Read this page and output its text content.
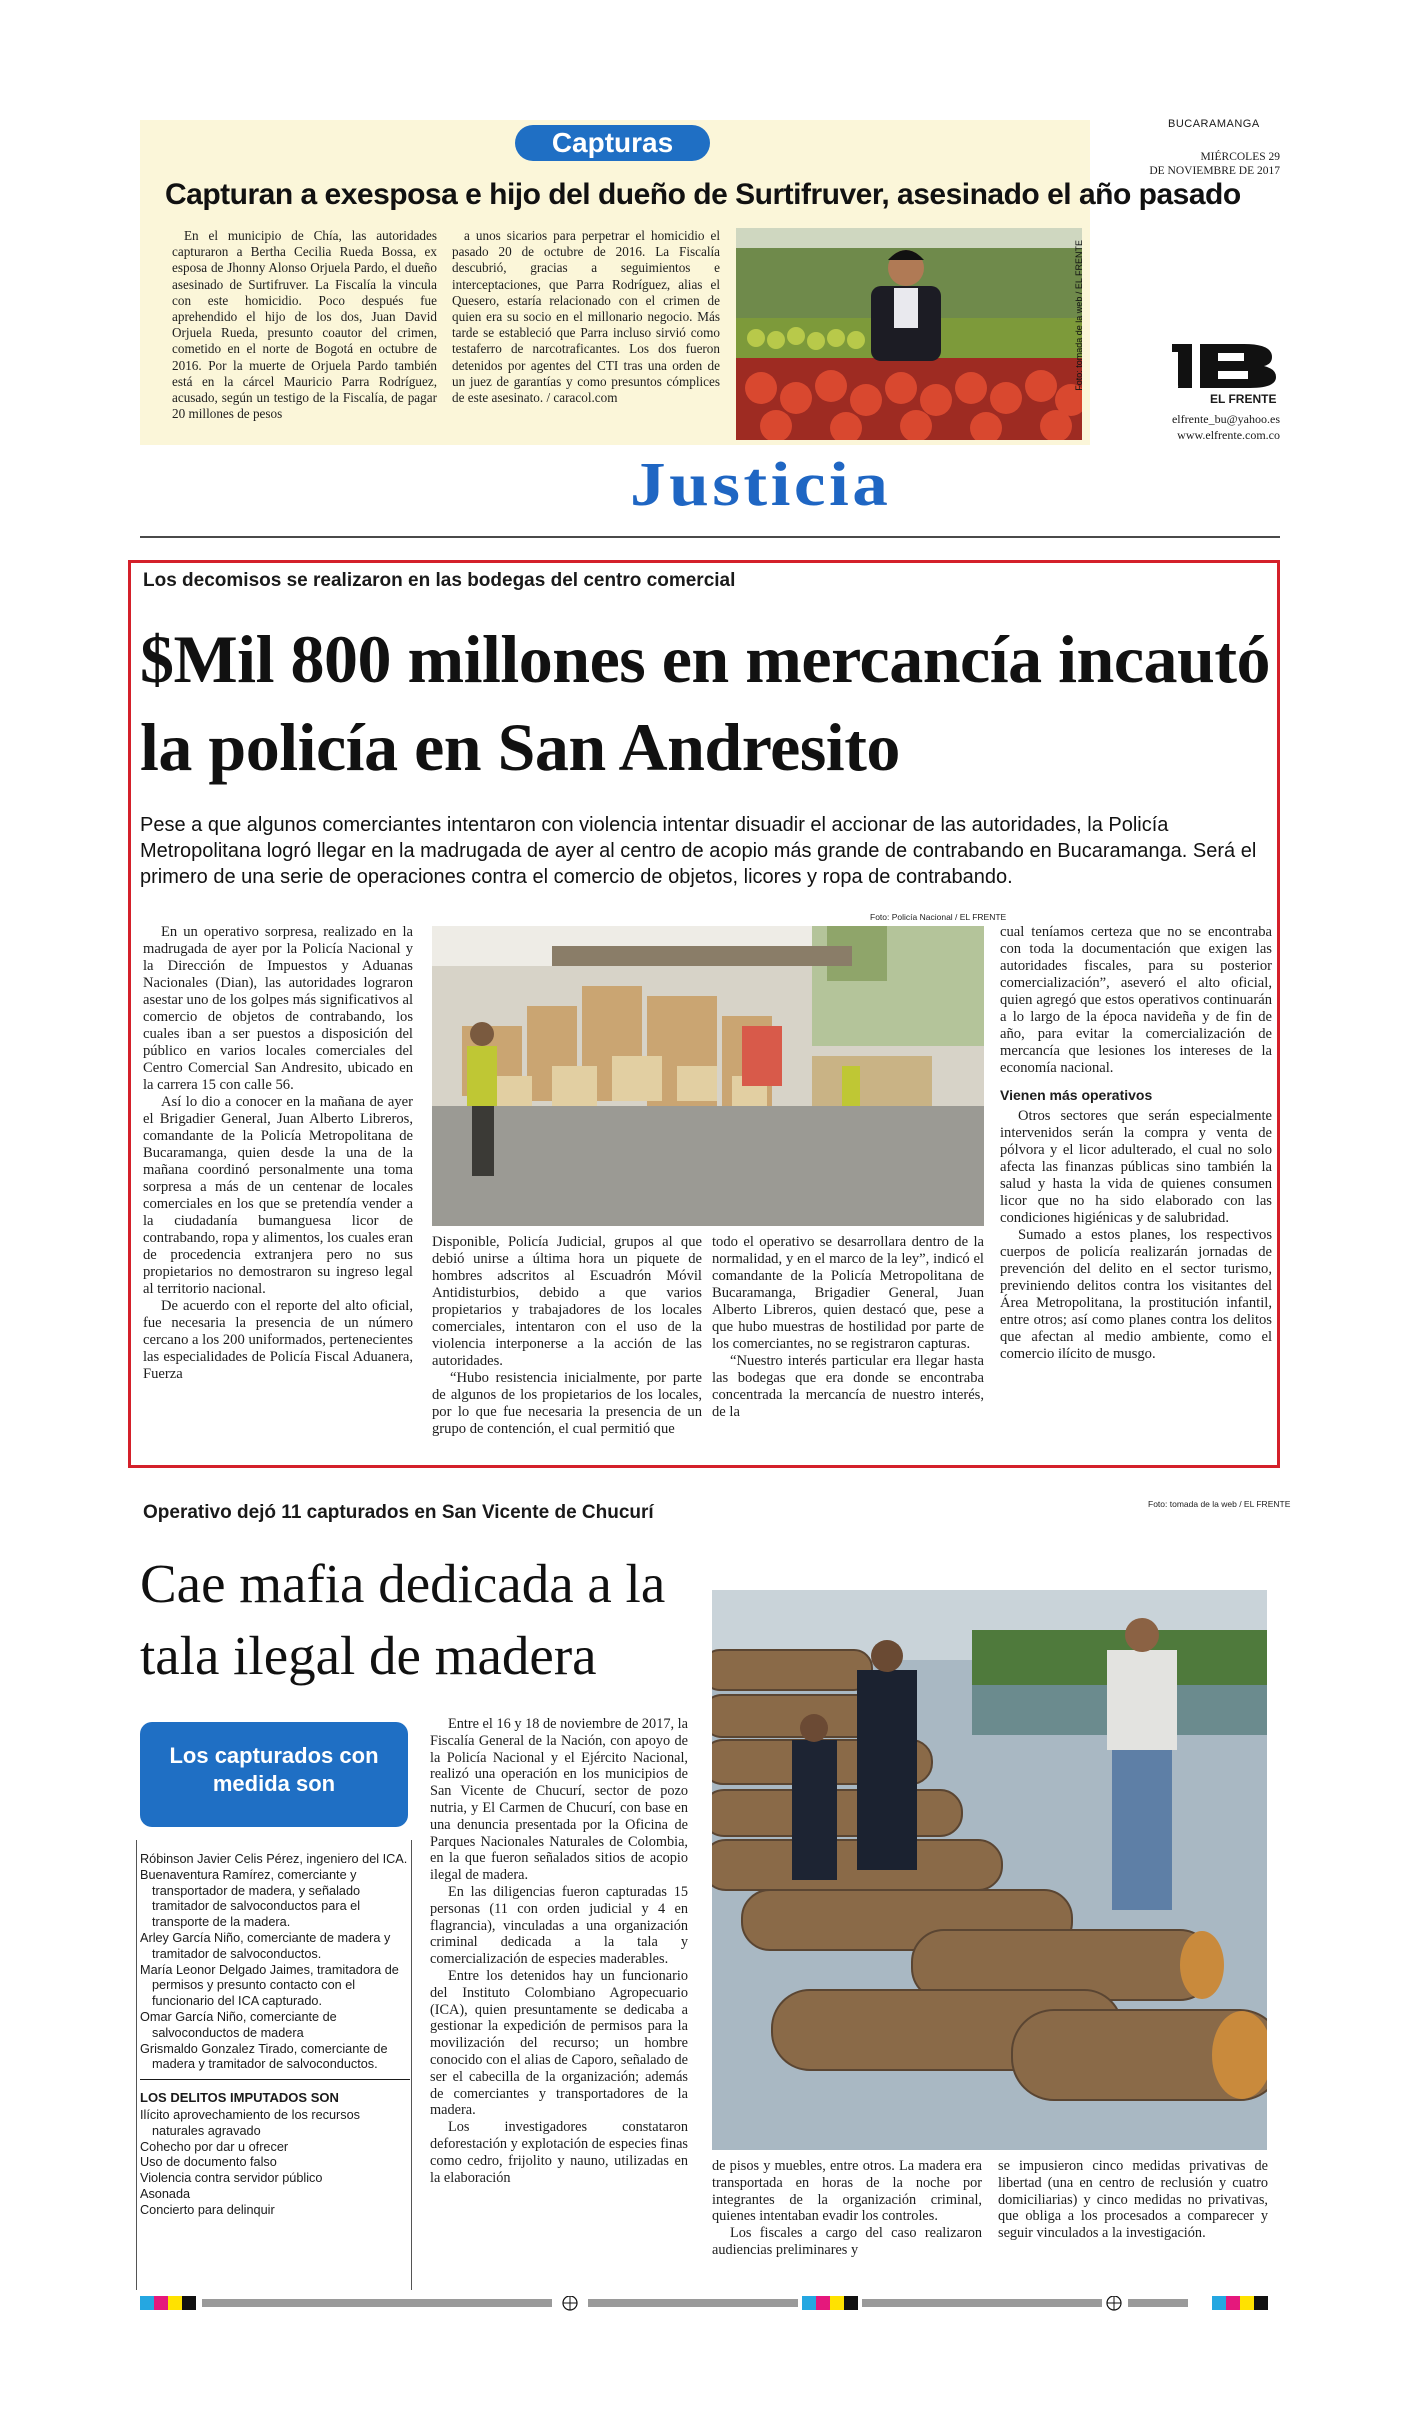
Capturas
Capturan a exesposa e hijo del dueño de Surtifruver, asesinado el año pasado

En el municipio de Chía, las autoridades capturaron a Bertha Cecilia Rueda Bossa, ex esposa de Jhonny Alonso Orjuela Pardo, el dueño asesinado de Surtifruver. La Fiscalía la vincula con este homicidio. Poco después fue aprehendido el hijo de los dos, Juan David Orjuela Rueda, presunto coautor del crimen, cometido en el norte de Bogotá en octubre de 2016. Por la muerte de Orjuela Pardo también está en la cárcel Mauricio Parra Rodríguez, acusado, según un testigo de la Fiscalía, de pagar 20 millones de pesos

a unos sicarios para perpetrar el homicidio el pasado 20 de octubre de 2016. La Fiscalía descubrió, gracias a seguimientos e interceptaciones, que Parra Rodríguez, alias el Quesero, estaría relacionado con el crimen de quien era su socio en el millonario negocio. Más tarde se estableció que Parra incluso sirvió como testaferro de narcotraficantes. Los dos fueron detenidos por agentes del CTI tras una orden de un juez de garantías y como presuntos cómplices de este asesinato. / caracol.com

Foto: tomada de la web / EL FRENTE
BUCARAMANGA
MIÉRCOLES 29
DE NOVIEMBRE DE 2017
1B
EL FRENTE
elfrente_bu@yahoo.es
www.elfrente.com.co
Justicia
Los decomisos se realizaron en las bodegas del centro comercial
$Mil 800 millones en mercancía incautó la policía en San Andresito
Pese a que algunos comerciantes intentaron con violencia intentar disuadir el accionar de las autoridades, la Policía Metropolitana logró llegar en la madrugada de ayer al centro de acopio más grande de contrabando en Bucaramanga. Será el primero de una serie de operaciones contra el comercio de objetos, licores y ropa de contrabando.

En un operativo sorpresa, realizado en la madrugada de ayer por la Policía Nacional y la Dirección de Impuestos y Aduanas Nacionales (Dian), las autoridades lograron asestar uno de los golpes más significativos al comercio de objetos de contrabando, los cuales iban a ser puestos a disposición del público en varios locales comerciales del Centro Comercial San Andresito, ubicado en la carrera 15 con calle 56.

Así lo dio a conocer en la mañana de ayer el Brigadier General, Juan Alberto Libreros, comandante de la Policía Metropolitana de Bucaramanga, quien desde la una de la mañana coordinó personalmente una toma sorpresa a más de un centenar de locales comerciales en los que se pretendía vender a la ciudadanía bumanguesa licor de contrabando, ropa y alimentos, los cuales eran de procedencia extranjera pero no sus propietarios no demostraron su ingreso legal al territorio nacional.

De acuerdo con el reporte del alto oficial, fue necesaria la presencia de un número cercano a los 200 uniformados, pertenecientes las especialidades de Policía Fiscal Aduanera, Fuerza

Foto: Policía Nacional / EL FRENTE

Disponible, Policía Judicial, grupos al que debió unirse a última hora un piquete de hombres adscritos al Escuadrón Móvil Antidisturbios, debido a que varios propietarios y trabajadores de los locales comerciales, intentaron con el uso de la violencia interponerse a la acción de las autoridades.

“Hubo resistencia inicialmente, por parte de algunos de los propietarios de los locales, por lo que fue necesaria la presencia de un grupo de contención, el cual permitió que

todo el operativo se desarrollara dentro de la normalidad, y en el marco de la ley”, indicó el comandante de la Policía Metropolitana de Bucaramanga, Brigadier General, Juan Alberto Libreros, quien destacó que, pese a que hubo muestras de hostilidad por parte de los comerciantes, no se registraron capturas.

“Nuestro interés particular era llegar hasta las bodegas que era donde se encontraba concentrada la mercancía de nuestro interés, de la

cual teníamos certeza que no se encontraba con toda la documentación que exigen las autoridades fiscales, para su posterior comercialización”, aseveró el alto oficial, quien agregó que estos operativos continuarán a lo largo de la época navideña y de fin de año, para evitar la comercialización de mercancía que lesiones los intereses de la economía nacional.

Vienen más operativos

Otros sectores que serán especialmente intervenidos serán la compra y venta de pólvora y el licor adulterado, el cual no solo afecta las finanzas públicas sino también la salud y hasta la vida de quienes consumen licor que no ha sido elaborado con las condiciones higiénicas y de salubridad.

Sumado a estos planes, los respectivos cuerpos de policía realizarán jornadas de prevención del delito en el sector turismo, previniendo delitos contra los visitantes del Área Metropolitana, la prostitución infantil, entre otros; así como planes contra los delitos que afectan al medio ambiente, como el comercio ilícito de musgo.

Operativo dejó 11 capturados en San Vicente de Chucurí	Foto: tomada de la web / EL FRENTE
Cae mafia dedicada a la tala ilegal de madera
Los capturados con medida son

Róbinson Javier Celis Pérez, ingeniero del ICA.

Buenaventura Ramírez, comerciante y transportador de madera, y señalado tramitador de salvoconductos para el transporte de la madera.

Arley García Niño, comerciante de madera y tramitador de salvoconductos.

María Leonor Delgado Jaimes, tramitadora de permisos y presunto contacto con el funcionario del ICA capturado.

Omar García Niño, comerciante de salvoconductos de madera

Grismaldo Gonzalez Tirado, comerciante de madera y tramitador de salvoconductos.

LOS DELITOS IMPUTADOS SON

Ilícito aprovechamiento de los recursos naturales agravado

Cohecho por dar u ofrecer

Uso de documento falso

Violencia contra servidor público

Asonada

Concierto para delinquir

Entre el 16 y 18 de noviembre de 2017, la Fiscalía General de la Nación, con apoyo de la Policía Nacional y el Ejército Nacional, realizó una operación en los municipios de San Vicente de Chucurí, sector de pozo nutria, y El Carmen de Chucurí, con base en una denuncia presentada por la Oficina de Parques Nacionales Naturales de Colombia, en la que fueron señalados sitios de acopio ilegal de madera.

En las diligencias fueron capturadas 15 personas (11 con orden judicial y 4 en flagrancia), vinculadas a una organización criminal dedicada a la tala y comercialización de especies maderables.

Entre los detenidos hay un funcionario del Instituto Colombiano Agropecuario (ICA), quien presuntamente se dedicaba a gestionar la expedición de permisos para la movilización del recurso; un hombre conocido con el alias de Caporo, señalado de ser el cabecilla de la organización; además de comerciantes y transportadores de la madera.

Los investigadores constataron deforestación y explotación de especies finas como cedro, frijolito y nauno, utilizadas en la elaboración

de pisos y muebles, entre otros. La madera era transportada en horas de la noche por integrantes de la organización criminal, quienes intentaban evadir los controles.

Los fiscales a cargo del caso realizaron audiencias preliminares y

se impusieron cinco medidas privativas de libertad (una en centro de reclusión y cuatro domiciliarias) y cinco medidas no privativas, que obliga a los procesados a comparecer y seguir vinculados a la investigación.
